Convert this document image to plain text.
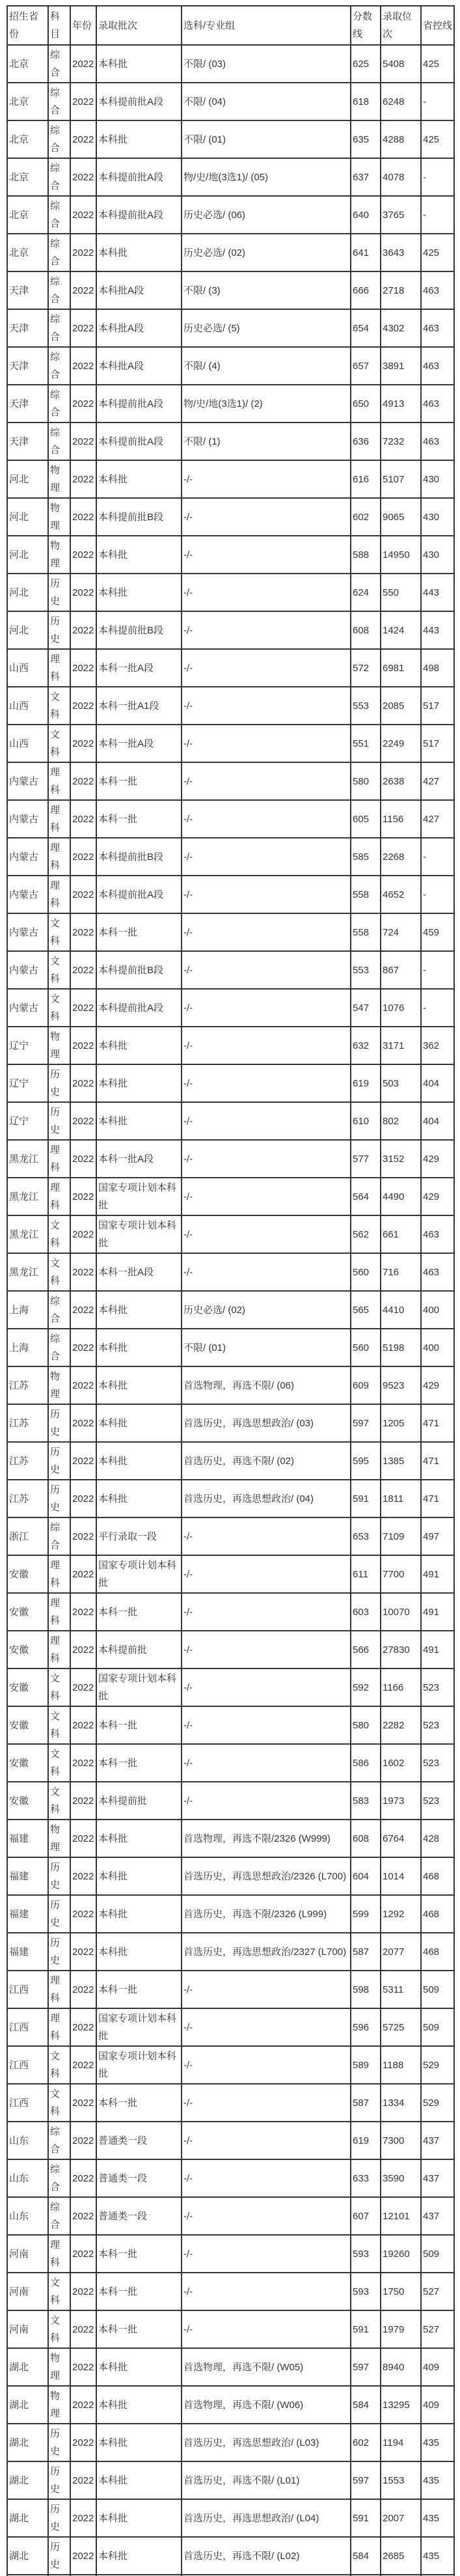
招生省份	科目	年份	录取批次	选科/专业组	分数线	录取位次	省控线
北京	综合	2022	本科批	不限/ (03)	625	5408	425
北京	综合	2022	本科提前批A段	不限/ (04)	618	6248	-
北京	综合	2022	本科批	不限/ (01)	635	4288	425
北京	综合	2022	本科提前批A段	物/史/地(3选1)/ (05)	637	4078	-
北京	综合	2022	本科提前批A段	历史必选/ (06)	640	3765	-
北京	综合	2022	本科批	历史必选/ (02)	641	3643	425
天津	综合	2022	本科批A段	不限/ (3)	666	2718	463
天津	综合	2022	本科批A段	历史必选/ (5)	654	4302	463
天津	综合	2022	本科批A段	不限/ (4)	657	3891	463
天津	综合	2022	本科提前批A段	物/史/地(3选1)/ (2)	650	4913	463
天津	综合	2022	本科提前批A段	不限/ (1)	636	7232	463
河北	物理	2022	本科批	-/-	616	5107	430
河北	物理	2022	本科提前批B段	-/-	602	9065	430
河北	物理	2022	本科批	-/-	588	14950	430
河北	历史	2022	本科批	-/-	624	550	443
河北	历史	2022	本科提前批B段	-/-	608	1424	443
山西	理科	2022	本科一批A段	-/-	572	6981	498
山西	文科	2022	本科一批A1段	-/-	553	2085	517
山西	文科	2022	本科一批A段	-/-	551	2249	517
内蒙古	理科	2022	本科一批	-/-	580	2638	427
内蒙古	理科	2022	本科一批	-/-	605	1156	427
内蒙古	理科	2022	本科提前批B段	-/-	585	2268	-
内蒙古	理科	2022	本科提前批A段	-/-	558	4652	-
内蒙古	文科	2022	本科一批	-/-	558	724	459
内蒙古	文科	2022	本科提前批B段	-/-	553	867	-
内蒙古	文科	2022	本科提前批A段	-/-	547	1076	-
辽宁	物理	2022	本科批	-/-	632	3171	362
辽宁	历史	2022	本科批	-/-	619	503	404
辽宁	历史	2022	本科批	-/-	610	802	404
黑龙江	理科	2022	本科一批A段	-/-	577	3152	429
黑龙江	理科	2022	国家专项计划本科批	-/-	564	4490	429
黑龙江	文科	2022	国家专项计划本科批	-/-	562	661	463
黑龙江	文科	2022	本科一批A段	-/-	560	716	463
上海	综合	2022	本科批	历史必选/ (02)	565	4410	400
上海	综合	2022	本科批	不限/ (01)	560	5198	400
江苏	物理	2022	本科批	首选物理，再选不限/ (06)	609	9523	429
江苏	历史	2022	本科批	首选历史，再选思想政治/ (03)	597	1205	471
江苏	历史	2022	本科批	首选历史，再选不限/ (02)	595	1385	471
江苏	历史	2022	本科批	首选历史，再选思想政治/ (04)	591	1811	471
浙江	综合	2022	平行录取一段	-/-	653	7109	497
安徽	理科	2022	国家专项计划本科批	-/-	611	7700	491
安徽	理科	2022	本科一批	-/-	603	10070	491
安徽	理科	2022	本科提前批	-/-	566	27830	491
安徽	文科	2022	国家专项计划本科批	-/-	592	1166	523
安徽	文科	2022	本科一批	-/-	580	2282	523
安徽	文科	2022	本科一批	-/-	586	1602	523
安徽	文科	2022	本科提前批	-/-	583	1973	523
福建	物理	2022	本科批	首选物理，再选不限/2326 (W999)	608	6764	428
福建	历史	2022	本科批	首选历史，再选思想政治/2326 (L700)	604	1014	468
福建	历史	2022	本科批	首选历史，再选不限/2326 (L999)	599	1292	468
福建	历史	2022	本科批	首选历史，再选思想政治/2327 (L700)	587	2077	468
江西	理科	2022	本科一批	-/-	598	5311	509
江西	理科	2022	国家专项计划本科批	-/-	596	5725	509
江西	文科	2022	国家专项计划本科批	-/-	589	1188	529
江西	文科	2022	本科一批	-/-	587	1334	529
山东	综合	2022	普通类一段	-/-	619	7300	437
山东	综合	2022	普通类一段	-/-	633	3590	437
山东	综合	2022	普通类一段	-/-	607	12101	437
河南	理科	2022	本科一批	-/-	593	19260	509
河南	文科	2022	本科一批	-/-	593	1750	527
河南	文科	2022	本科一批	-/-	591	1979	527
湖北	物理	2022	本科批	首选物理，再选不限/ (W05)	597	8940	409
湖北	物理	2022	本科批	首选物理，再选不限/ (W06)	584	13295	409
湖北	历史	2022	本科批	首选历史，再选思想政治/ (L03)	602	1194	435
湖北	历史	2022	本科批	首选历史，再选不限/ (L01)	597	1553	435
湖北	历史	2022	本科批	首选历史，再选思想政治/ (L04)	591	2007	435
湖北	历史	2022	本科批	首选历史，再选不限/ (L02)	584	2685	435
